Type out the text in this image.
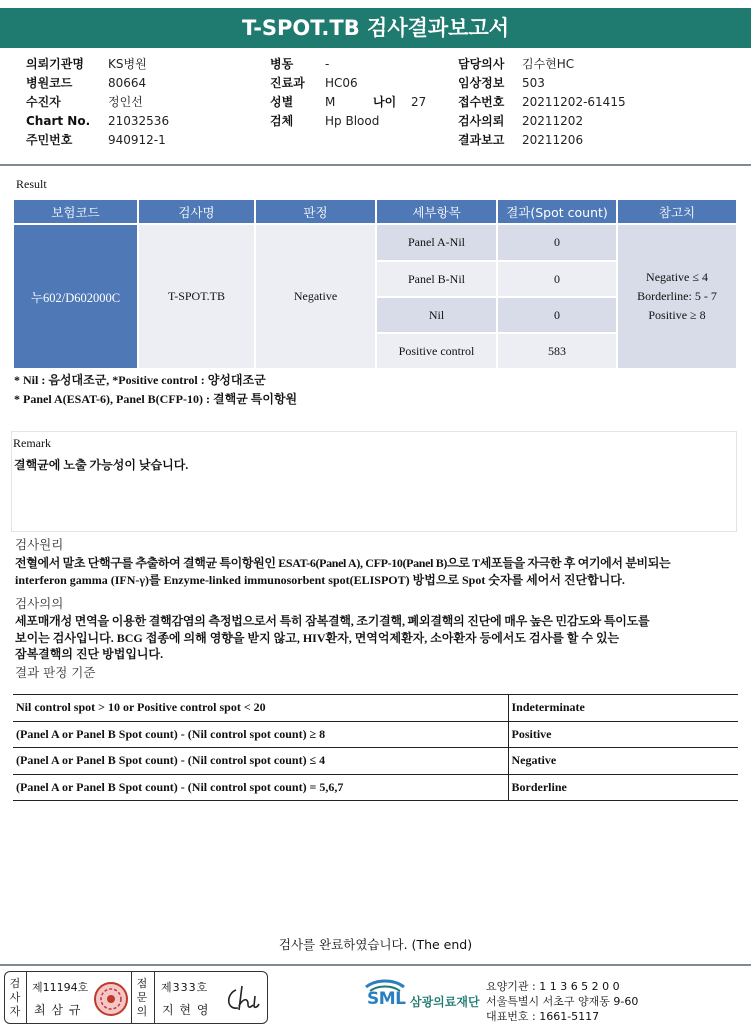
T-SPOT.TB 검사결과보고서
의뢰기관명	KS병원
병원코드	80664
수진자	정인선
Chart No.	21032536
주민번호	940912-1
병동	-
진료과	HC06
성별	M	나이	27
검체	Hp Blood
담당의사	김수현HC
임상정보	503
접수번호	20211202-61415
검사의뢰	20211202
결과보고	20211206
Result
보험코드	검사명	판정	세부항목	결과(Spot count)	참고치
누602/D602000C	T-SPOT.TB	Negative	Panel A-Nil	0	Negative ≤ 4
Borderline: 5 - 7
Positive ≥ 8

			Panel B-Nil	0	
			Nil	0	
			Positive control	583	
* Nil : 음성대조군, *Positive control : 양성대조군
* Panel A(ESAT-6), Panel B(CFP-10) : 결핵균 특이항원
Remark
결핵균에 노출 가능성이 낮습니다.
검사원리
전혈에서 말초 단핵구를 추출하여 결핵균 특이항원인 ESAT-6(Panel A), CFP-10(Panel B)으로 T세포들을 자극한 후 여기에서 분비되는
interferon gamma (IFN-γ)를 Enzyme-linked immunosorbent spot(ELISPOT) 방법으로 Spot 숫자를 세어서 진단합니다.
검사의의
세포매개성 면역을 이용한 결핵감염의 측정법으로서 특히 잠복결핵, 조기결핵, 폐외결핵의 진단에 매우 높은 민감도와 특이도를
보이는 검사입니다. BCG 접종에 의해 영향을 받지 않고, HIV환자, 면역억제환자, 소아환자 등에서도 검사를 할 수 있는
잠복결핵의 진단 방법입니다.
결과 판정 기준
Nil control spot > 10 or Positive control spot < 20	Indeterminate
(Panel A or Panel B Spot count) - (Nil control spot count) ≥ 8	Positive
(Panel A or Panel B Spot count) - (Nil control spot count) ≤ 4	Negative
(Panel A or Panel B Spot count) - (Nil control spot count) = 5,6,7	Borderline
검사를 완료하였습니다. (The end)
검
사
자
제11194호
최 삼 규
점
문
의
제333호
지 현 영
SML 삼광의료재단
요양기관 : 1 1 3 6 5 2 0 0
서울특별시 서초구 양재동 9-60
대표번호 : 1661-5117
